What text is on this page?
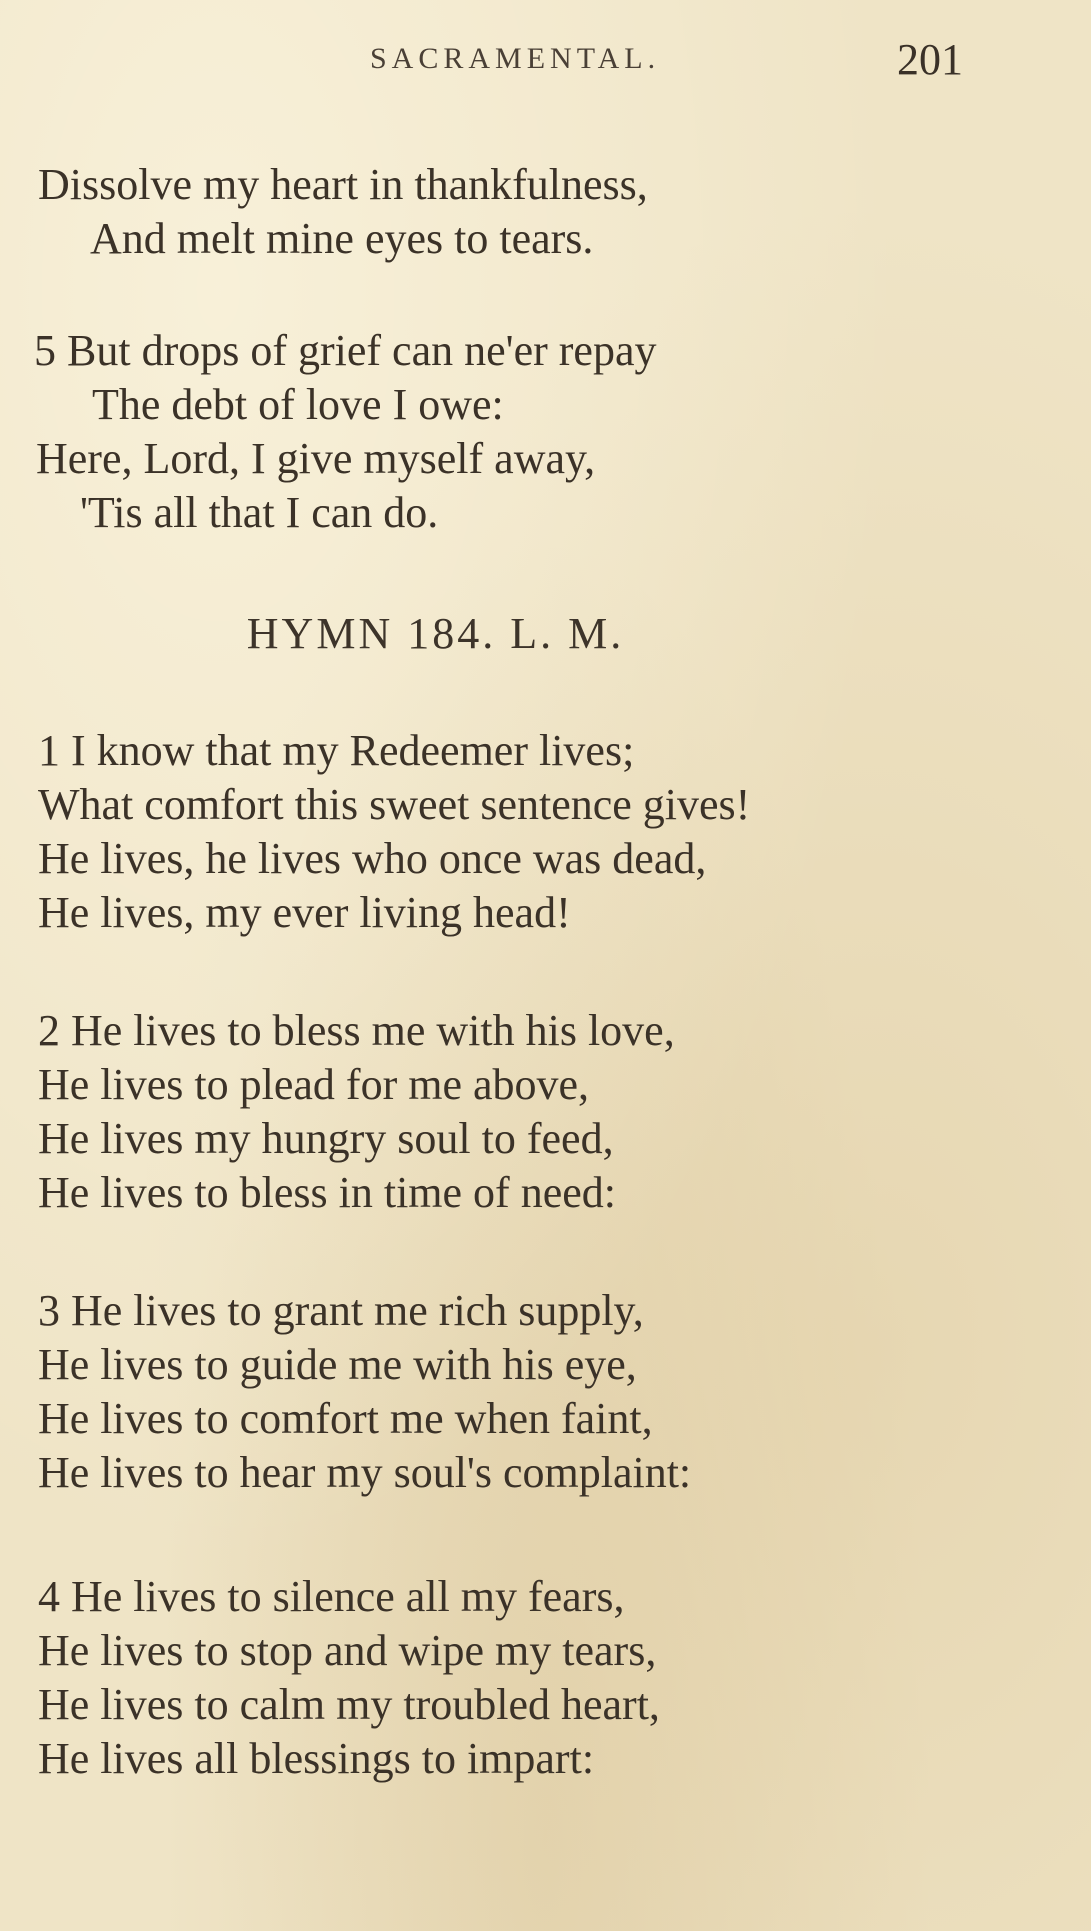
SACRAMENTAL.	201
Dissolve my heart in thankfulness,
And melt mine eyes to tears.
5 But drops of grief can ne'er repay
The debt of love I owe:
Here, Lord, I give myself away,
'Tis all that I can do.
HYMN 184. L. M.
1 I know that my Redeemer lives;
What comfort this sweet sentence gives!
He lives, he lives who once was dead,
He lives, my ever living head!
2 He lives to bless me with his love,
He lives to plead for me above,
He lives my hungry soul to feed,
He lives to bless in time of need:
3 He lives to grant me rich supply,
He lives to guide me with his eye,
He lives to comfort me when faint,
He lives to hear my soul's complaint:
4 He lives to silence all my fears,
He lives to stop and wipe my tears,
He lives to calm my troubled heart,
He lives all blessings to impart:
